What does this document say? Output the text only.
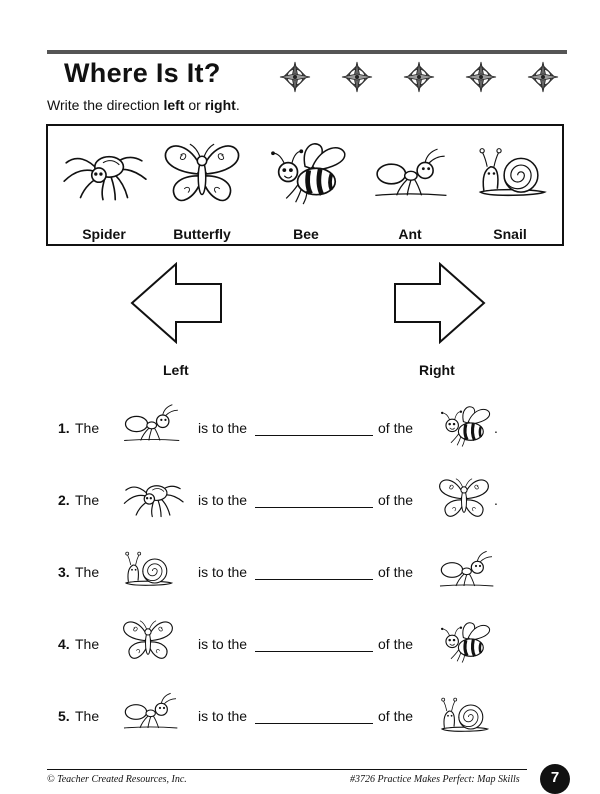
Where Is It?
Write the direction left or right.
Spider	Butterfly	Bee	Ant	Snail
Left	Right
1. The	is to the	of the	.
2. The	is to the	of the	.
3. The	is to the	of the
4. The	is to the	of the
5. The	is to the	of the
© Teacher Created Resources, Inc.	#3726 Practice Makes Perfect: Map Skills	7
